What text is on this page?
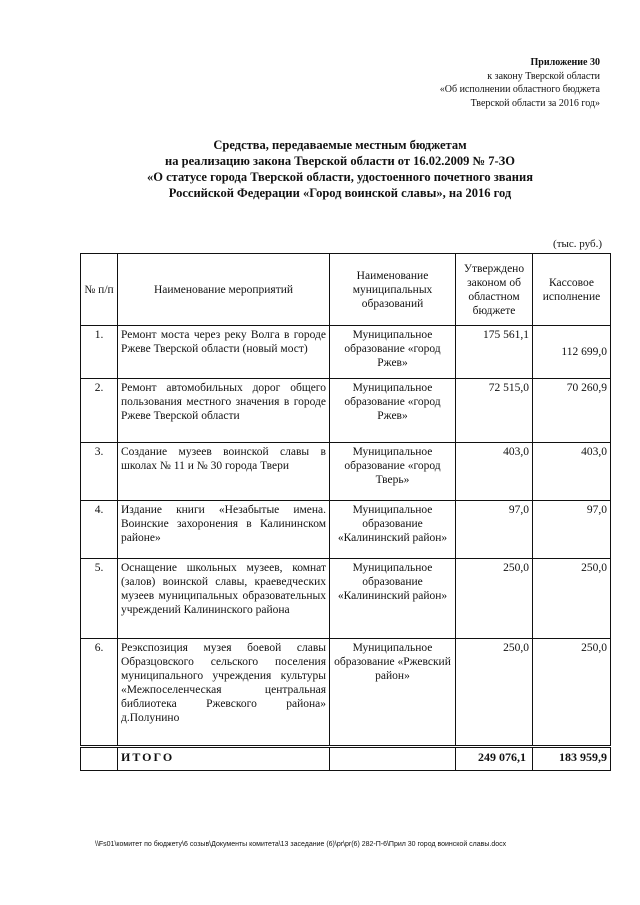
Приложение 30
к закону Тверской области
«Об исполнении областного бюджета
Тверской области за 2016 год»
Средства, передаваемые местным бюджетам
на реализацию закона Тверской области от 16.02.2009 № 7-ЗО
«О статусе города Тверской области, удостоенного почетного звания
Российской Федерации «Город воинской славы», на 2016 год
(тыс. руб.)
№ п/п	Наименование мероприятий	Наименование муниципальных образований	Утверждено законом об областном бюджете	Кассовое исполнение
1.	Ремонт моста через реку Волга в городе Ржеве Тверской области (новый мост)	Муниципальное образование «город Ржев»	175 561,1	112 699,0
2.	Ремонт автомобильных дорог общего пользования местного значения в городе Ржеве Тверской области	Муниципальное образование «город Ржев»	72 515,0	70 260,9
3.	Создание музеев воинской славы в школах № 11 и № 30 города Твери	Муниципальное образование «город Тверь»	403,0	403,0
4.	Издание книги «Незабытые имена. Воинские захоронения в Калининском районе»	Муниципальное образование «Калининский район»	97,0	97,0
5.	Оснащение школьных музеев, комнат (залов) воинской славы, краеведческих музеев муниципальных образовательных учреждений Калининского района	Муниципальное образование «Калининский район»	250,0	250,0
6.	Реэкспозиция музея боевой славы Образцовского сельского поселения муниципального учреждения культуры «Межпоселенческая центральная библиотека Ржевского района» д.Полунино	Муниципальное образование «Ржевский район»	250,0	250,0
	ИТОГО		249 076,1	183 959,9
\\Fs01\комитет по бюджету\6 созыв\Документы комитета\13 заседание (6)\pr\pr(6) 282-П-6\Прил 30 город воинской славы.docx
